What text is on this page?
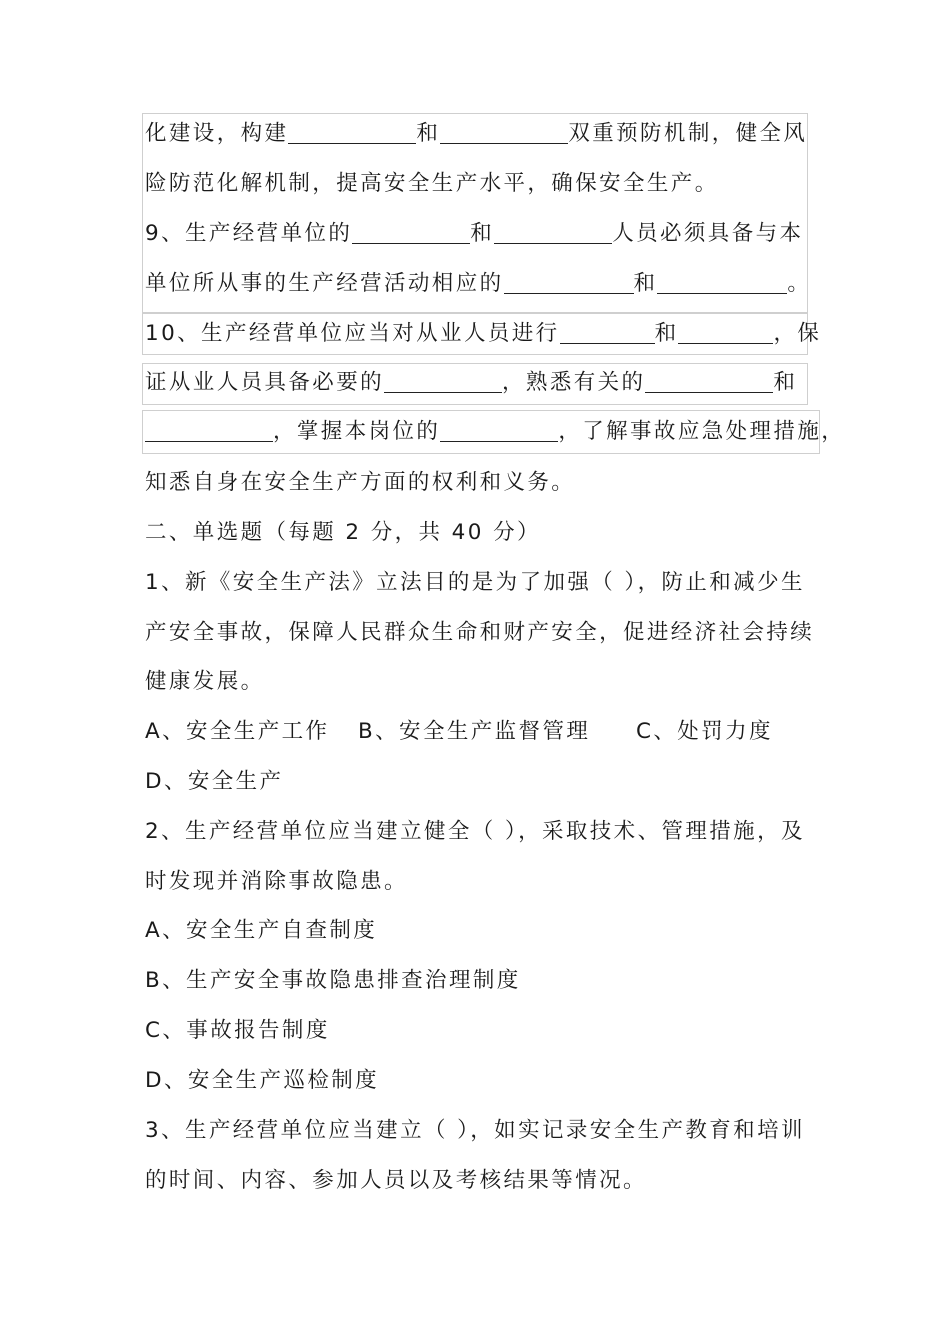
化建设，构建	和	双重预防机制，健全风
险防范化解机制，提高安全生产水平，确保安全生产。
9、生产经营单位的	和	人员必须具备与本
单位所从事的生产经营活动相应的	和	。
10、生产经营单位应当对从业人员进行	和	，保
证从业人员具备必要的	，熟悉有关的	和
，掌握本岗位的	，了解事故应急处理措施，
知悉自身在安全生产方面的权利和义务。
二、单选题（每题 2 分，共 40 分）
1、新《安全生产法》立法目的是为了加强（ ），防止和减少生
产安全事故，保障人民群众生命和财产安全，促进经济社会持续
健康发展。
A、安全生产工作 B、安全生产监督管理 C、处罚力度
D、安全生产
2、生产经营单位应当建立健全（ ），采取技术、管理措施，及
时发现并消除事故隐患。
A、安全生产自查制度
B、生产安全事故隐患排查治理制度
C、事故报告制度
D、安全生产巡检制度
3、生产经营单位应当建立（ ），如实记录安全生产教育和培训
的时间、内容、参加人员以及考核结果等情况。
